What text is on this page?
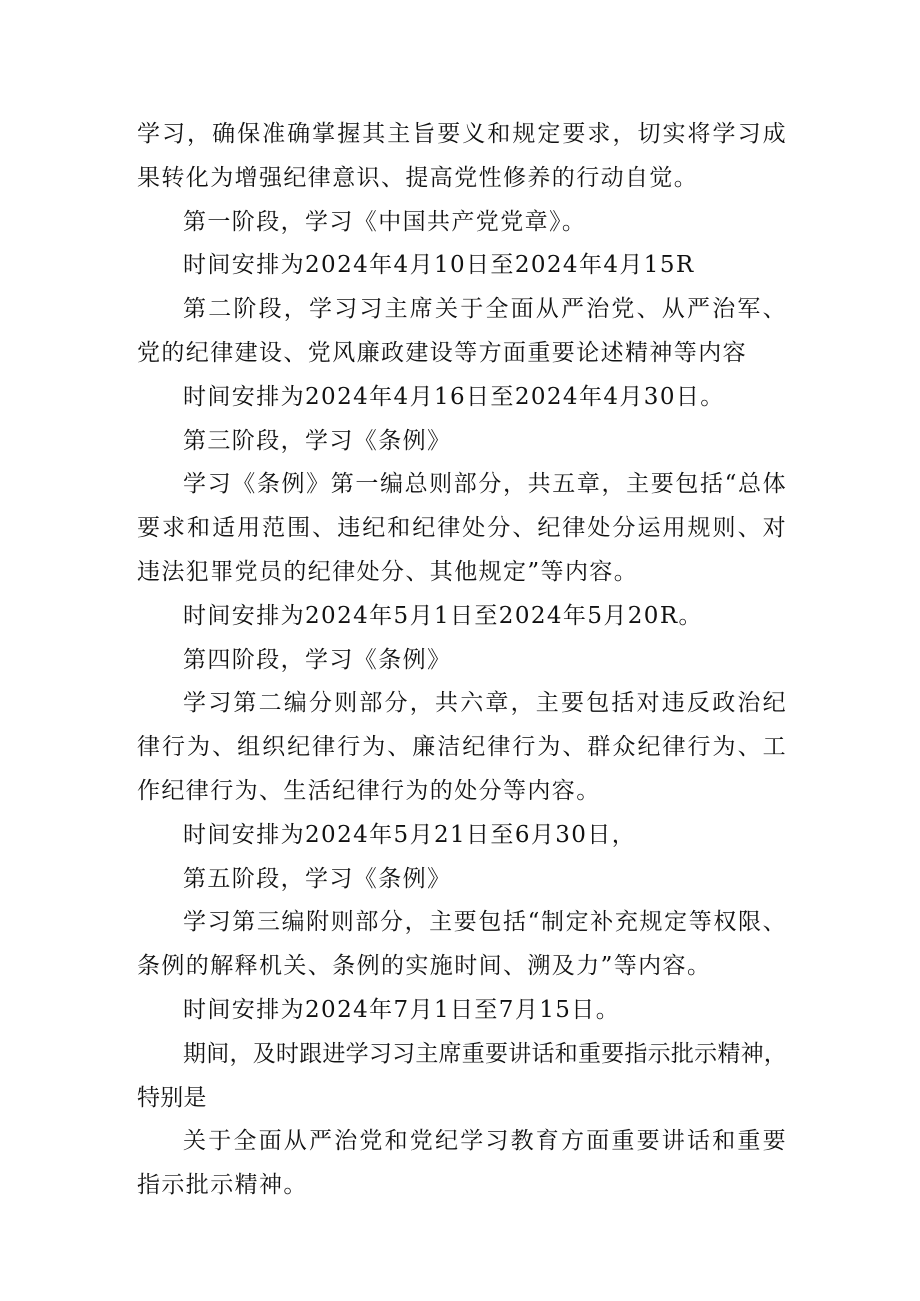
学习，确保准确掌握其主旨要义和规定要求，切实将学习成果转化为增强纪律意识、提高党性修养的行动自觉。

第一阶段，学习《中国共产党党章》。

时间安排为2024年4月10日至2024年4月15R

第二阶段，学习习主席关于全面从严治党、从严治军、党的纪律建设、党风廉政建设等方面重要论述精神等内容

时间安排为2024年4月16日至2024年4月30日。

第三阶段，学习《条例》

学习《条例》第一编总则部分，共五章，主要包括“总体要求和适用范围、违纪和纪律处分、纪律处分运用规则、对违法犯罪党员的纪律处分、其他规定”等内容。

时间安排为2024年5月1日至2024年5月20R。

第四阶段，学习《条例》

学习第二编分则部分，共六章，主要包括对违反政治纪律行为、组织纪律行为、廉洁纪律行为、群众纪律行为、工作纪律行为、生活纪律行为的处分等内容。

时间安排为2024年5月21日至6月30日，

第五阶段，学习《条例》

学习第三编附则部分，主要包括“制定补充规定等权限、条例的解释机关、条例的实施时间、溯及力”等内容。

时间安排为2024年7月1日至7月15日。

期间，及时跟进学习习主席重要讲话和重要指示批示精神，特别是

关于全面从严治党和党纪学习教育方面重要讲话和重要指示批示精神。
